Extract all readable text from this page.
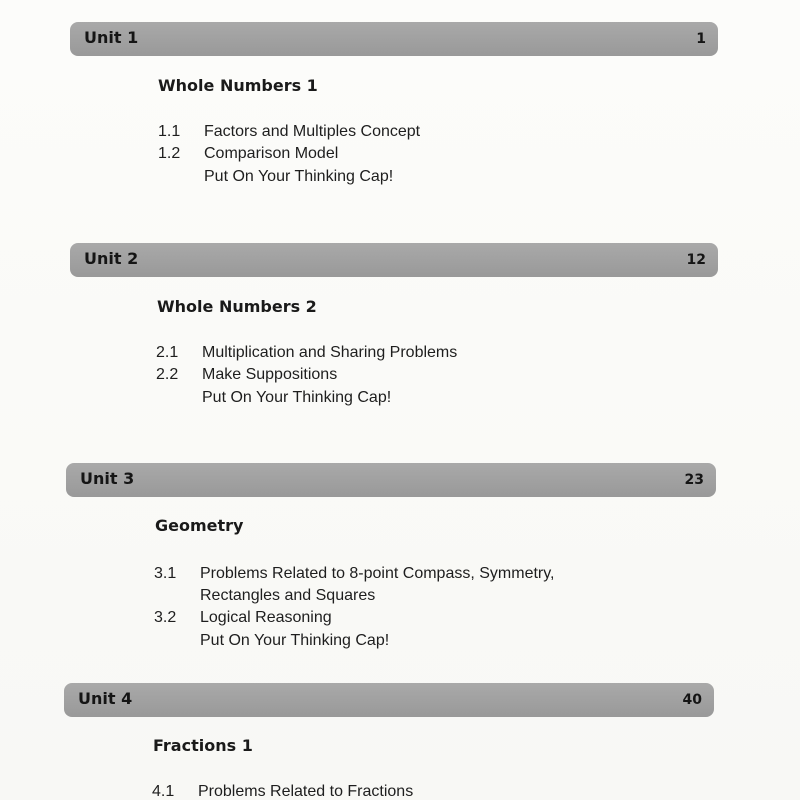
Unit 1	1
Whole Numbers 1
1.1 Factors and Multiples Concept
1.2 Comparison Model
Put On Your Thinking Cap!
Unit 2	12
Whole Numbers 2
2.1 Multiplication and Sharing Problems
2.2 Make Suppositions
Put On Your Thinking Cap!
Unit 3	23
Geometry
3.1 Problems Related to 8-point Compass, Symmetry,
Rectangles and Squares
3.2 Logical Reasoning
Put On Your Thinking Cap!
Unit 4	40
Fractions 1
4.1 Problems Related to Fractions
